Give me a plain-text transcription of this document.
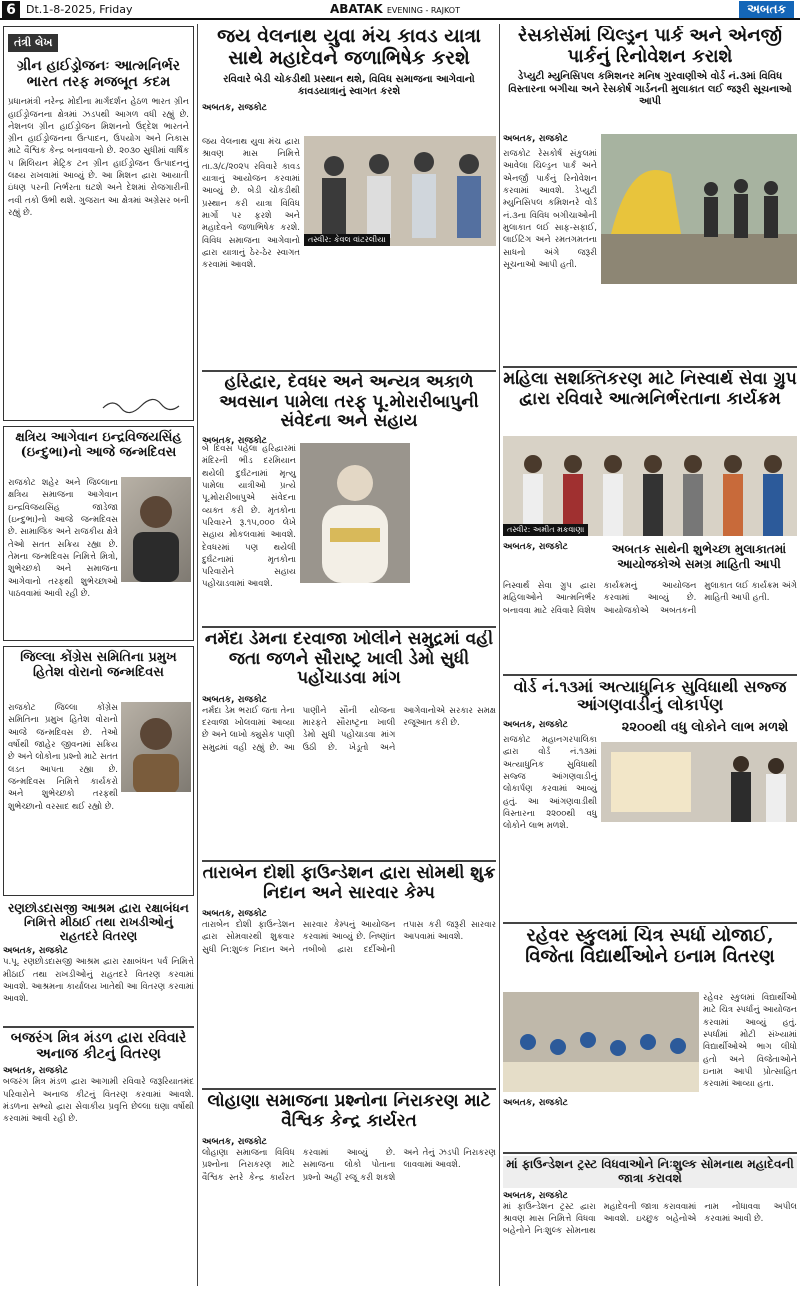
6 Dt.1-8-2025, Friday	ABATAK EVENING - RAJKOT	અબતક
તંત્રી લેખ
ગ્રીન હાઈડ્રોજનઃ આત્મનિર્ભર ભારત તરફ મજબૂત કદમ
પ્રધાનમંત્રી નરેન્દ્ર મોદીના માર્ગદર્શન હેઠળ ભારત ગ્રીન હાઈડ્રોજનના ક્ષેત્રમાં ઝડપથી આગળ વધી રહ્યું છે. નેશનલ ગ્રીન હાઈડ્રોજન મિશનનો ઉદ્દેશ ભારતને ગ્રીન હાઈડ્રોજનના ઉત્પાદન, ઉપયોગ અને નિકાસ માટે વૈશ્વિક કેન્દ્ર બનાવવાનો છે. ૨૦૩૦ સુધીમાં વાર્ષિક ૫ મિલિયન મેટ્રિક ટન ગ્રીન હાઈડ્રોજન ઉત્પાદનનું લક્ષ્ય રાખવામાં આવ્યું છે. આ મિશન દ્વારા આયાતી ઇંધણ પરની નિર્ભરતા ઘટશે અને દેશમાં રોજગારીની નવી તકો ઉભી થશે. ગુજરાત આ ક્ષેત્રમાં અગ્રેસર બની રહ્યું છે.
ક્ષત્રિય આગેવાન ઇન્દ્રવિજયસિંહ (ઇન્દુભા)નો આજે જન્મદિવસ
રાજકોટ શહેર અને જિલ્લાના ક્ષત્રિય સમાજના આગેવાન ઇન્દ્રવિજયસિંહ જાડેજા (ઇન્દુભા)નો આજે જન્મદિવસ છે. સામાજિક અને રાજકીય ક્ષેત્રે તેઓ સતત સક્રિય રહ્યા છે. તેમના જન્મદિવસ નિમિત્તે મિત્રો, શુભેચ્છકો અને સમાજના આગેવાનો તરફથી શુભેચ્છાઓ પાઠવવામાં આવી રહી છે.
જિલ્લા કોંગ્રેસ સમિતિના પ્રમુખ હિતેશ વોરાનો જન્મદિવસ
રાજકોટ જિલ્લા કોંગ્રેસ સમિતિના પ્રમુખ હિતેશ વોરાનો આજે જન્મદિવસ છે. તેઓ વર્ષોથી જાહેર જીવનમાં સક્રિય છે અને લોકોના પ્રશ્નો માટે સતત લડત આપતા રહ્યા છે. જન્મદિવસ નિમિત્તે કાર્યકરો અને શુભેચ્છકો તરફથી શુભેચ્છાનો વરસાદ થઈ રહ્યો છે.
રણછોડદાસજી આશ્રમ દ્વારા રક્ષાબંધન નિમિત્તે મીઠાઈ તથા રાખડીઓનું રાહતદરે વિતરણ
અબતક, રાજકોટ
પ.પૂ. રણછોડદાસજી આશ્રમ દ્વારા રક્ષાબંધન પર્વ નિમિત્તે મીઠાઈ તથા રાખડીઓનું રાહતદરે વિતરણ કરવામાં આવશે. આશ્રમના કાર્યાલય ખાતેથી આ વિતરણ કરવામાં આવશે.
બજરંગ મિત્ર મંડળ દ્વારા રવિવારે અનાજ કીટનું વિતરણ
અબતક, રાજકોટ
બજરંગ મિત્ર મંડળ દ્વારા આગામી રવિવારે જરૂરિયાતમંદ પરિવારોને અનાજ કીટનું વિતરણ કરવામાં આવશે. મંડળના સભ્યો દ્વારા સેવાકીય પ્રવૃત્તિ છેલ્લા ઘણા વર્ષોથી કરવામાં આવી રહી છે.
જય વેલનાથ યુવા મંચ કાવડ યાત્રા સાથે મહાદેવને જળાભિષેક કરશે
રવિવારે બેડી ચોકડીથી પ્રસ્થાન થશે, વિવિધ સમાજના આગેવાનો કાવડયાત્રાનું સ્વાગત કરશે
અબતક, રાજકોટ
તસ્વીર: કેવલ વાંટરલીયા
જય વેલનાથ યુવા મંચ દ્વારા શ્રાવણ માસ નિમિત્તે તા.૩/૮/૨૦૨૫ રવિવારે કાવડ યાત્રાનું આયોજન કરવામાં આવ્યું છે. બેડી ચોકડીથી પ્રસ્થાન કરી યાત્રા વિવિધ માર્ગો પર ફરશે અને મહાદેવને જળાભિષેક કરશે. વિવિધ સમાજના આગેવાનો દ્વારા યાત્રાનું ઠેર-ઠેર સ્વાગત કરવામાં આવશે.
હરિદ્વાર, દેવધર અને અન્યત્ર અકાળે અવસાન પામેલા તરફ પૂ.મોરારીબાપુની સંવેદના અને સહાય
અબતક, રાજકોટ
બે દિવસ પહેલા હરિદ્વારમાં મંદિરની ભીડ દરમિયાન થયેલી દુર્ઘટનામાં મૃત્યુ પામેલા યાત્રીઓ પ્રત્યે પૂ.મોરારીબાપુએ સંવેદના વ્યક્ત કરી છે. મૃતકોના પરિવારને રૂ.૧૫,૦૦૦ લેખે સહાય મોકલવામાં આવશે. દેવધરમાં પણ થયેલી દુર્ઘટનામાં મૃતકોના પરિવારોને સહાય પહોંચાડવામાં આવશે.
નર્મદા ડેમના દરવાજા ખોલીને સમુદ્રમાં વહી જતા જળને સૌરાષ્ટ્ર ખાલી ડેમો સુધી પહોંચાડવા માંગ
અબતક, રાજકોટ
નર્મદા ડેમ ભરાઈ જતા તેના દરવાજા ખોલવામાં આવ્યા છે અને લાખો ક્યુસેક પાણી સમુદ્રમાં વહી રહ્યું છે. આ પાણીને સૌની યોજના મારફતે સૌરાષ્ટ્રના ખાલી ડેમો સુધી પહોંચાડવા માંગ ઉઠી છે. ખેડૂતો અને આગેવાનોએ સરકાર સમક્ષ રજૂઆત કરી છે.
તારાબેન દોશી ફાઉન્ડેશન દ્વારા સોમથી શુક્ર નિદાન અને સારવાર કેમ્પ
અબતક, રાજકોટ
તારાબેન દોશી ફાઉન્ડેશન દ્વારા સોમવારથી શુક્રવાર સુધી નિ:શુલ્ક નિદાન અને સારવાર કેમ્પનું આયોજન કરવામાં આવ્યું છે. નિષ્ણાંત તબીબો દ્વારા દર્દીઓની તપાસ કરી જરૂરી સારવાર આપવામાં આવશે.
લોહાણા સમાજના પ્રશ્નોના નિરાકરણ માટે વૈશ્વિક કેન્દ્ર કાર્યરત
અબતક, રાજકોટ
લોહાણા સમાજના વિવિધ પ્રશ્નોના નિરાકરણ માટે વૈશ્વિક સ્તરે કેન્દ્ર કાર્યરત કરવામાં આવ્યું છે. સમાજના લોકો પોતાના પ્રશ્નો અહીં રજૂ કરી શકશે અને તેનું ઝડપી નિરાકરણ લાવવામાં આવશે.
રેસકોર્સમાં ચિલ્ડ્રન પાર્ક અને એનર્જી પાર્કનું રિનોવેશન કરાશે
ડેપ્યુટી મ્યુનિસિપલ કમિશનર મનિષ ગુરવાણીએ વોર્ડ નં.૩માં વિવિધ વિસ્તારના બગીચા અને રેસકોર્ષ ગાર્ડનની મુલાકાત લઈ જરૂરી સૂચનાઓ આપી
અબતક, રાજકોટ
રાજકોટ રેસકોર્ષ સંકુલમાં આવેલા ચિલ્ડ્રન પાર્ક અને એનર્જી પાર્કનું રિનોવેશન કરવામાં આવશે. ડેપ્યુટી મ્યુનિસિપલ કમિશનરે વોર્ડ નં.૩ના વિવિધ બગીચાઓની મુલાકાત લઈ સાફ-સફાઈ, લાઈટિંગ અને રમતગમતના સાધનો અંગે જરૂરી સૂચનાઓ આપી હતી.
મહિલા સશક્તિકરણ માટે નિસ્વાર્થ સેવા ગ્રુપ દ્વારા રવિવારે આત્મનિર્ભરતાના કાર્યક્રમ
તસ્વીર: અમીત મકવાણા
અબતક, રાજકોટ	અબતક સાથેની શુભેચ્છા મુલાકાતમાં આયોજકોએ સમગ્ર માહિતી આપી
નિસ્વાર્થ સેવા ગ્રુપ દ્વારા મહિલાઓને આત્મનિર્ભર બનાવવા માટે રવિવારે વિશેષ કાર્યક્રમનું આયોજન કરવામાં આવ્યું છે. આયોજકોએ અબતકની મુલાકાત લઈ કાર્યક્રમ અંગે માહિતી આપી હતી.
વોર્ડ નં.૧૩માં અત્યાધુનિક સુવિધાથી સજ્જ આંગણવાડીનું લોકાર્પણ
૨૨૦૦થી વધુ લોકોને લાભ મળશે
અબતક, રાજકોટ
રાજકોટ મહાનગરપાલિકા દ્વારા વોર્ડ નં.૧૩માં અત્યાધુનિક સુવિધાથી સજ્જ આંગણવાડીનું લોકાર્પણ કરવામાં આવ્યું હતું. આ આંગણવાડીથી વિસ્તારના ૨૨૦૦થી વધુ લોકોને લાભ મળશે.
રહેવર સ્કુલમાં ચિત્ર સ્પર્ધા યોજાઈ, વિજેતા વિદ્યાર્થીઓને ઇનામ વિતરણ
રહેવર સ્કુલમાં વિદ્યાર્થીઓ માટે ચિત્ર સ્પર્ધાનું આયોજન કરવામાં આવ્યું હતું. સ્પર્ધામાં મોટી સંખ્યામાં વિદ્યાર્થીઓએ ભાગ લીધો હતો અને વિજેતાઓને ઇનામ આપી પ્રોત્સાહિત કરવામાં આવ્યા હતા.
અબતક, રાજકોટ
માં ફાઉન્ડેશન ટ્રસ્ટ વિધવાઓને નિઃશુલ્ક સોમનાથ મહાદેવની જાત્રા કરાવશે
અબતક, રાજકોટ
માં ફાઉન્ડેશન ટ્રસ્ટ દ્વારા શ્રાવણ માસ નિમિત્તે વિધવા બહેનોને નિઃશુલ્ક સોમનાથ મહાદેવની જાત્રા કરાવવામાં આવશે. ઇચ્છુક બહેનોએ નામ નોંધાવવા અપીલ કરવામાં આવી છે.
